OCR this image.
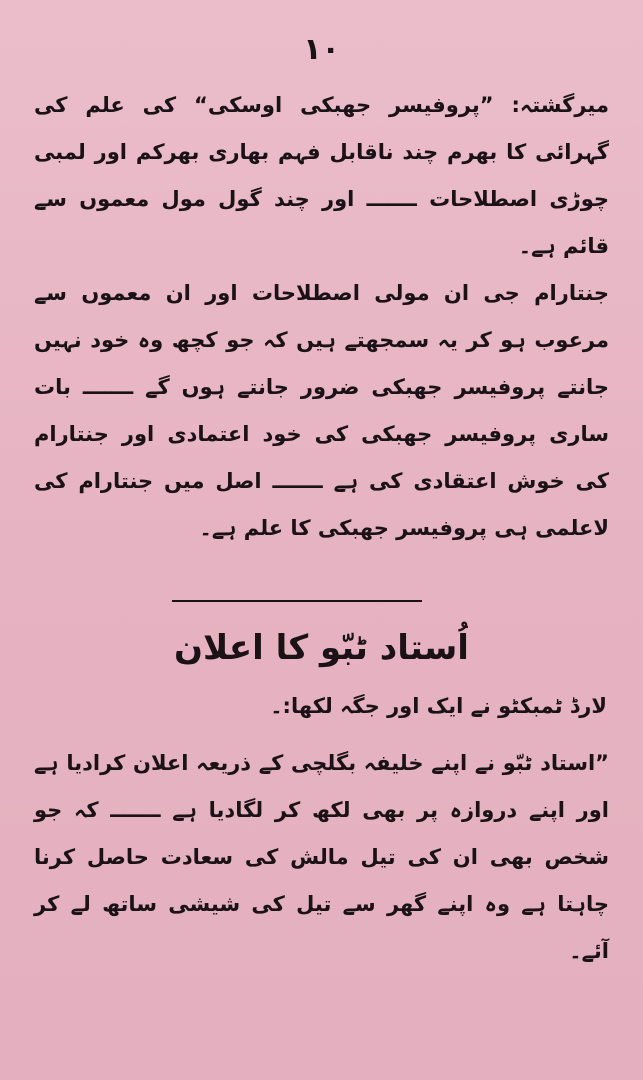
۱۰

میرگشتہ: ”پروفیسر جھبکی اوسکی“ کی علم کی گہرائی کا بھرم چند ناقابل فہم بھاری بھرکم اور لمبی چوڑی اصطلاحات ـــــــ اور چند گول مول معموں سے قائم ہے۔

جنتارام جی ان مولی اصطلاحات اور ان معموں سے مرعوب ہو کر یہ سمجھتے ہیں کہ جو کچھ وہ خود نہیں جانتے پروفیسر جھبکی ضرور جانتے ہوں گے ـــــــ بات ساری پروفیسر جھبکی کی خود اعتمادی اور جنتارام کی خوش اعتقادی کی ہے ـــــــ اصل میں جنتارام کی لاعلمی ہی پروفیسر جھبکی کا علم ہے۔

اُستاد ٹبّو کا اعلان
لارڈ ٹمبکٹو نے ایک اور جگہ لکھا:۔

”استاد ٹبّو نے اپنے خلیفہ بگلچی کے ذریعہ اعلان کرادیا ہے اور اپنے دروازہ پر بھی لکھ کر لگادیا ہے ـــــــ کہ جو شخص بھی ان کی تیل مالش کی سعادت حاصل کرنا چاہتا ہے وہ اپنے گھر سے تیل کی شیشی ساتھ لے کر آئے۔
